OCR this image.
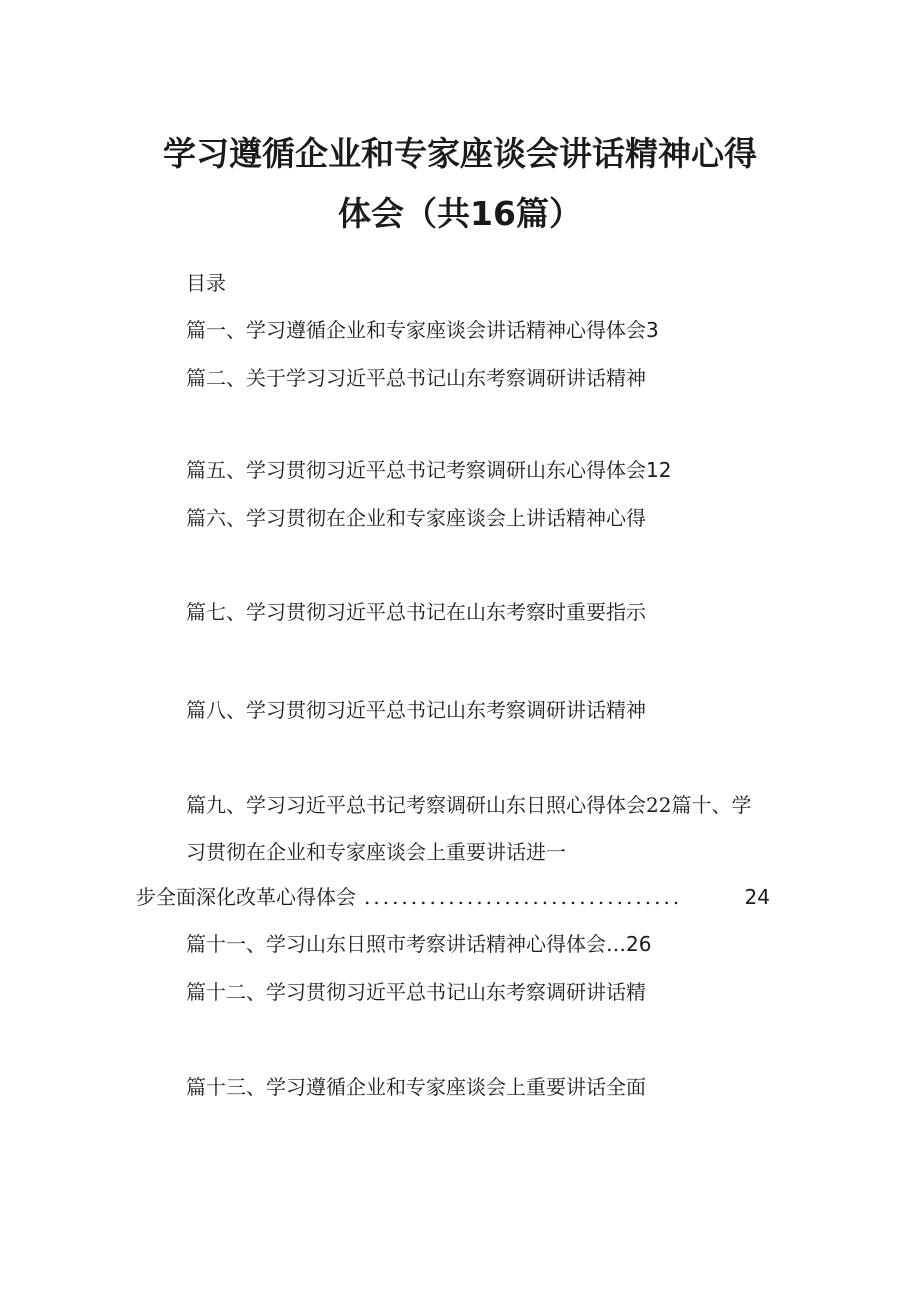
学习遵循企业和专家座谈会讲话精神心得
体会（共16篇）
目录
篇一、学习遵循企业和专家座谈会讲话精神心得体会3
篇二、关于学习习近平总书记山东考察调研讲话精神
篇五、学习贯彻习近平总书记考察调研山东心得体会12
篇六、学习贯彻在企业和专家座谈会上讲话精神心得
篇七、学习贯彻习近平总书记在山东考察时重要指示
篇八、学习贯彻习近平总书记山东考察调研讲话精神
篇九、学习习近平总书记考察调研山东日照心得体会22篇十、学
习贯彻在企业和专家座谈会上重要讲话进一
步全面深化改革心得体会 ..................................	24
篇十一、学习山东日照市考察讲话精神心得体会…26
篇十二、学习贯彻习近平总书记山东考察调研讲话精
篇十三、学习遵循企业和专家座谈会上重要讲话全面
